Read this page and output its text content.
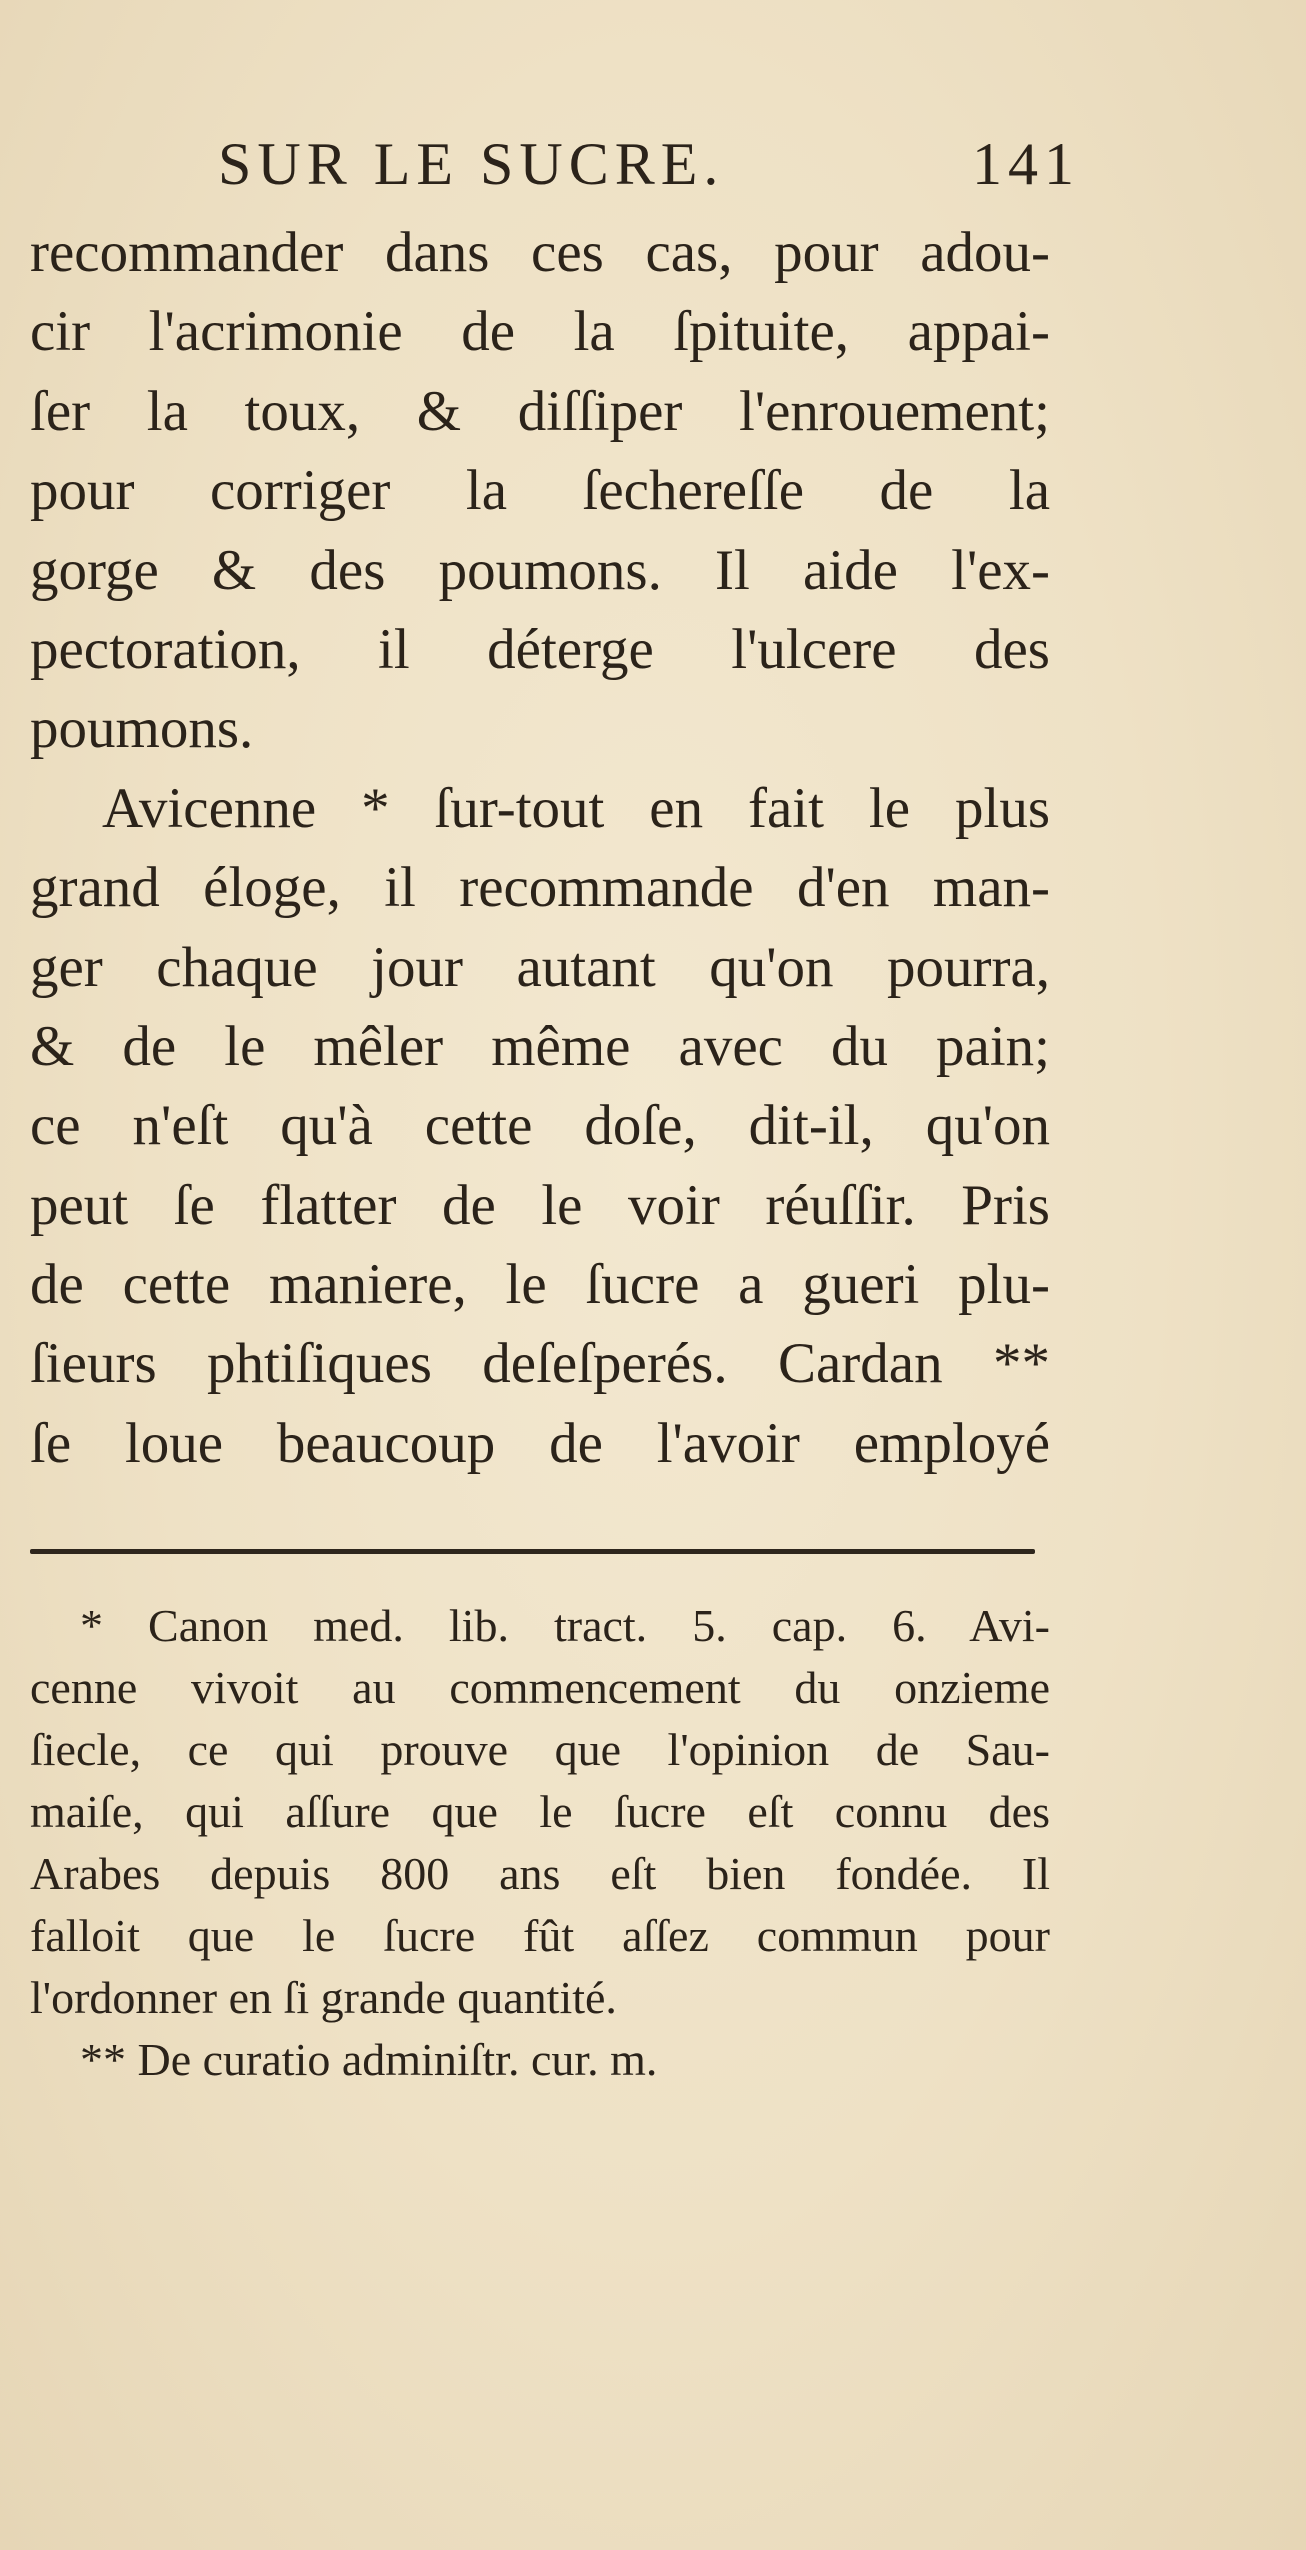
SUR LE SUCRE.	141
recommander dans ces cas, pour adou-
cir l'acrimonie de la ſpituite, appai-
ſer la toux, & diſſiper l'enrouement;
pour corriger la ſechereſſe de la
gorge & des poumons. Il aide l'ex-
pectoration, il déterge l'ulcere des
poumons.
Avicenne * ſur-tout en fait le plus
grand éloge, il recommande d'en man-
ger chaque jour autant qu'on pourra,
& de le mêler même avec du pain;
ce n'eſt qu'à cette doſe, dit-il, qu'on
peut ſe flatter de le voir réuſſir. Pris
de cette maniere, le ſucre a gueri plu-
ſieurs phtiſiques deſeſperés. Cardan **
ſe loue beaucoup de l'avoir employé
* Canon med. lib. tract. 5. cap. 6. Avi-
cenne vivoit au commencement du onzieme
ſiecle, ce qui prouve que l'opinion de Sau-
maiſe, qui aſſure que le ſucre eſt connu des
Arabes depuis 800 ans eſt bien fondée. Il
falloit que le ſucre fût aſſez commun pour
l'ordonner en ſi grande quantité.
** De curatio adminiſtr. cur. m.
